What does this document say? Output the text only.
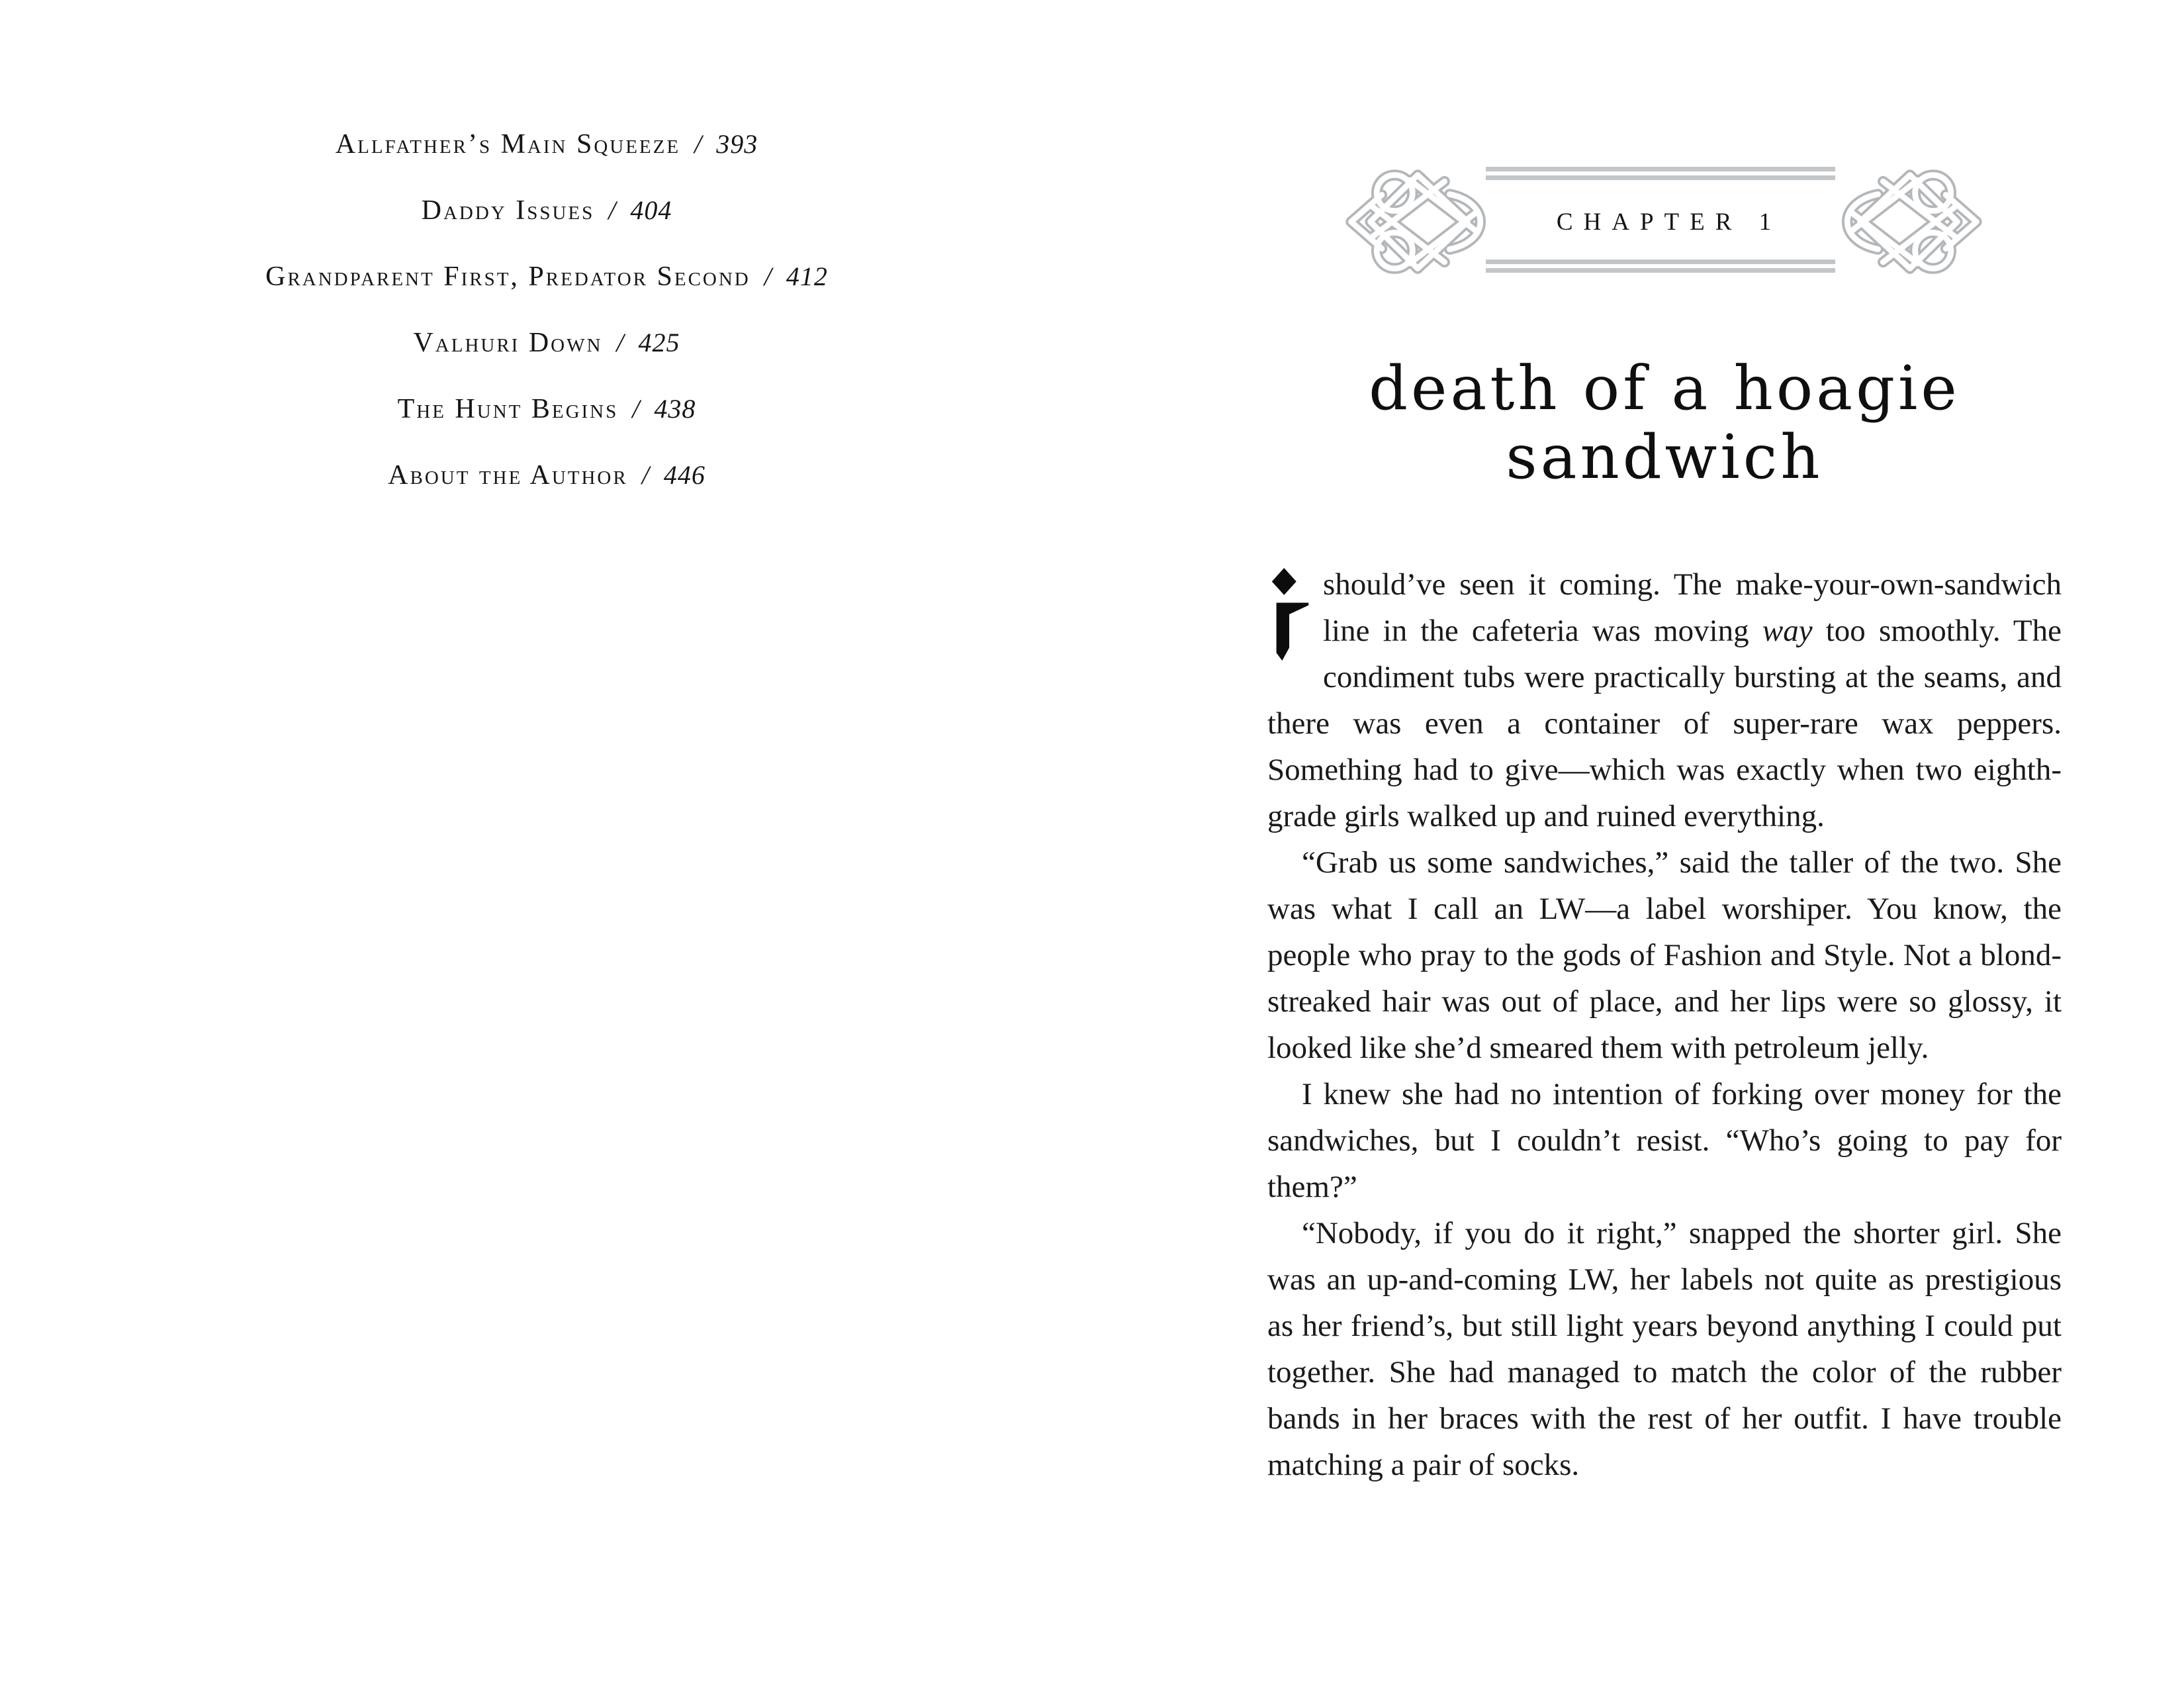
Allfather’s Main Squeeze / 393
Daddy Issues / 404
Grandparent First, Predator Second / 412
Valhuri Down / 425
The Hunt Begins / 438
About the Author / 446
CHAPTER 1
death of a hoagie
sandwich

should’ve seen it coming. The make-your-own-sandwich line in the cafeteria was moving way too smoothly. The condiment tubs were practically bursting at the seams, and there was even a container of super-rare wax peppers. Something had to give—which was exactly when two eighth-grade girls walked up and ruined everything.

“Grab us some sandwiches,” said the taller of the two. She was what I call an LW—a label worshiper. You know, the people who pray to the gods of Fashion and Style. Not a blond-streaked hair was out of place, and her lips were so glossy, it looked like she’d smeared them with petroleum jelly.

I knew she had no intention of forking over money for the sandwiches, but I couldn’t resist. “Who’s going to pay for them?”

“Nobody, if you do it right,” snapped the shorter girl. She was an up-and-coming LW, her labels not quite as prestigious as her friend’s, but still light years beyond anything I could put together. She had managed to match the color of the rubber bands in her braces with the rest of her outfit. I have trouble matching a pair of socks.
